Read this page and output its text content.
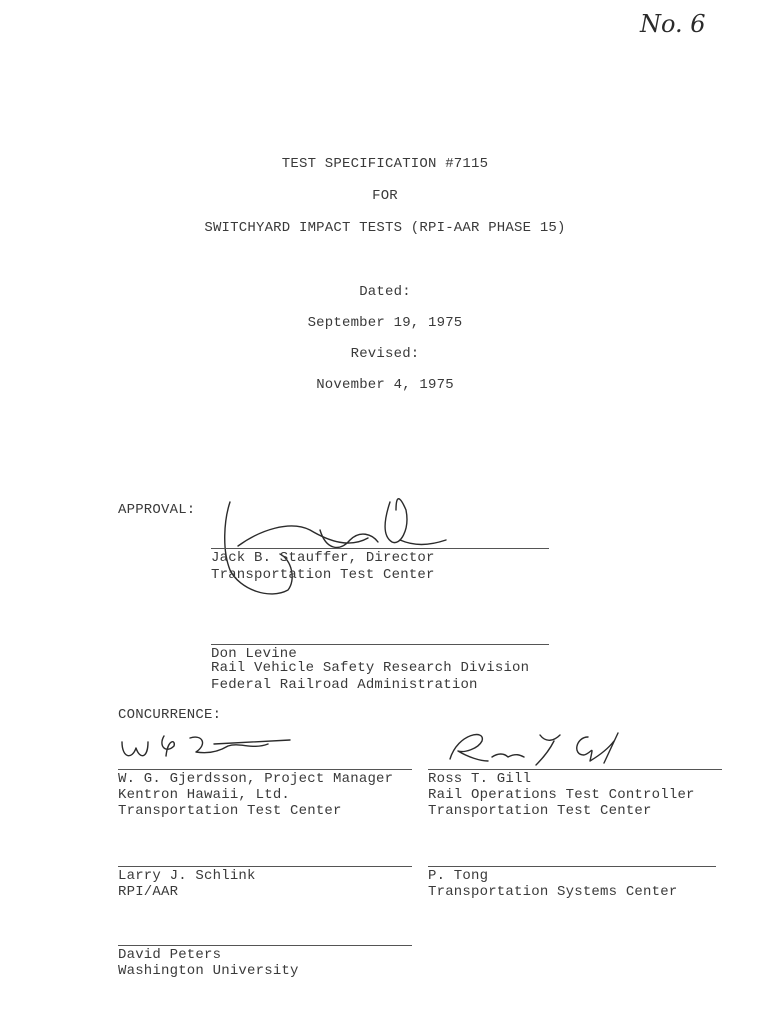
No. 6
TEST SPECIFICATION #7115
FOR
SWITCHYARD IMPACT TESTS (RPI-AAR PHASE 15)
Dated:
September 19, 1975
Revised:
November 4, 1975
APPROVAL:
Jack B. Stauffer, Director
Transportation Test Center
Don Levine
Rail Vehicle Safety Research Division
Federal Railroad Administration
CONCURRENCE:
W. G. Gjerdsson, Project Manager
Kentron Hawaii, Ltd.
Transportation Test Center
Ross T. Gill
Rail Operations Test Controller
Transportation Test Center
Larry J. Schlink
RPI/AAR
P. Tong
Transportation Systems Center
David Peters
Washington University
